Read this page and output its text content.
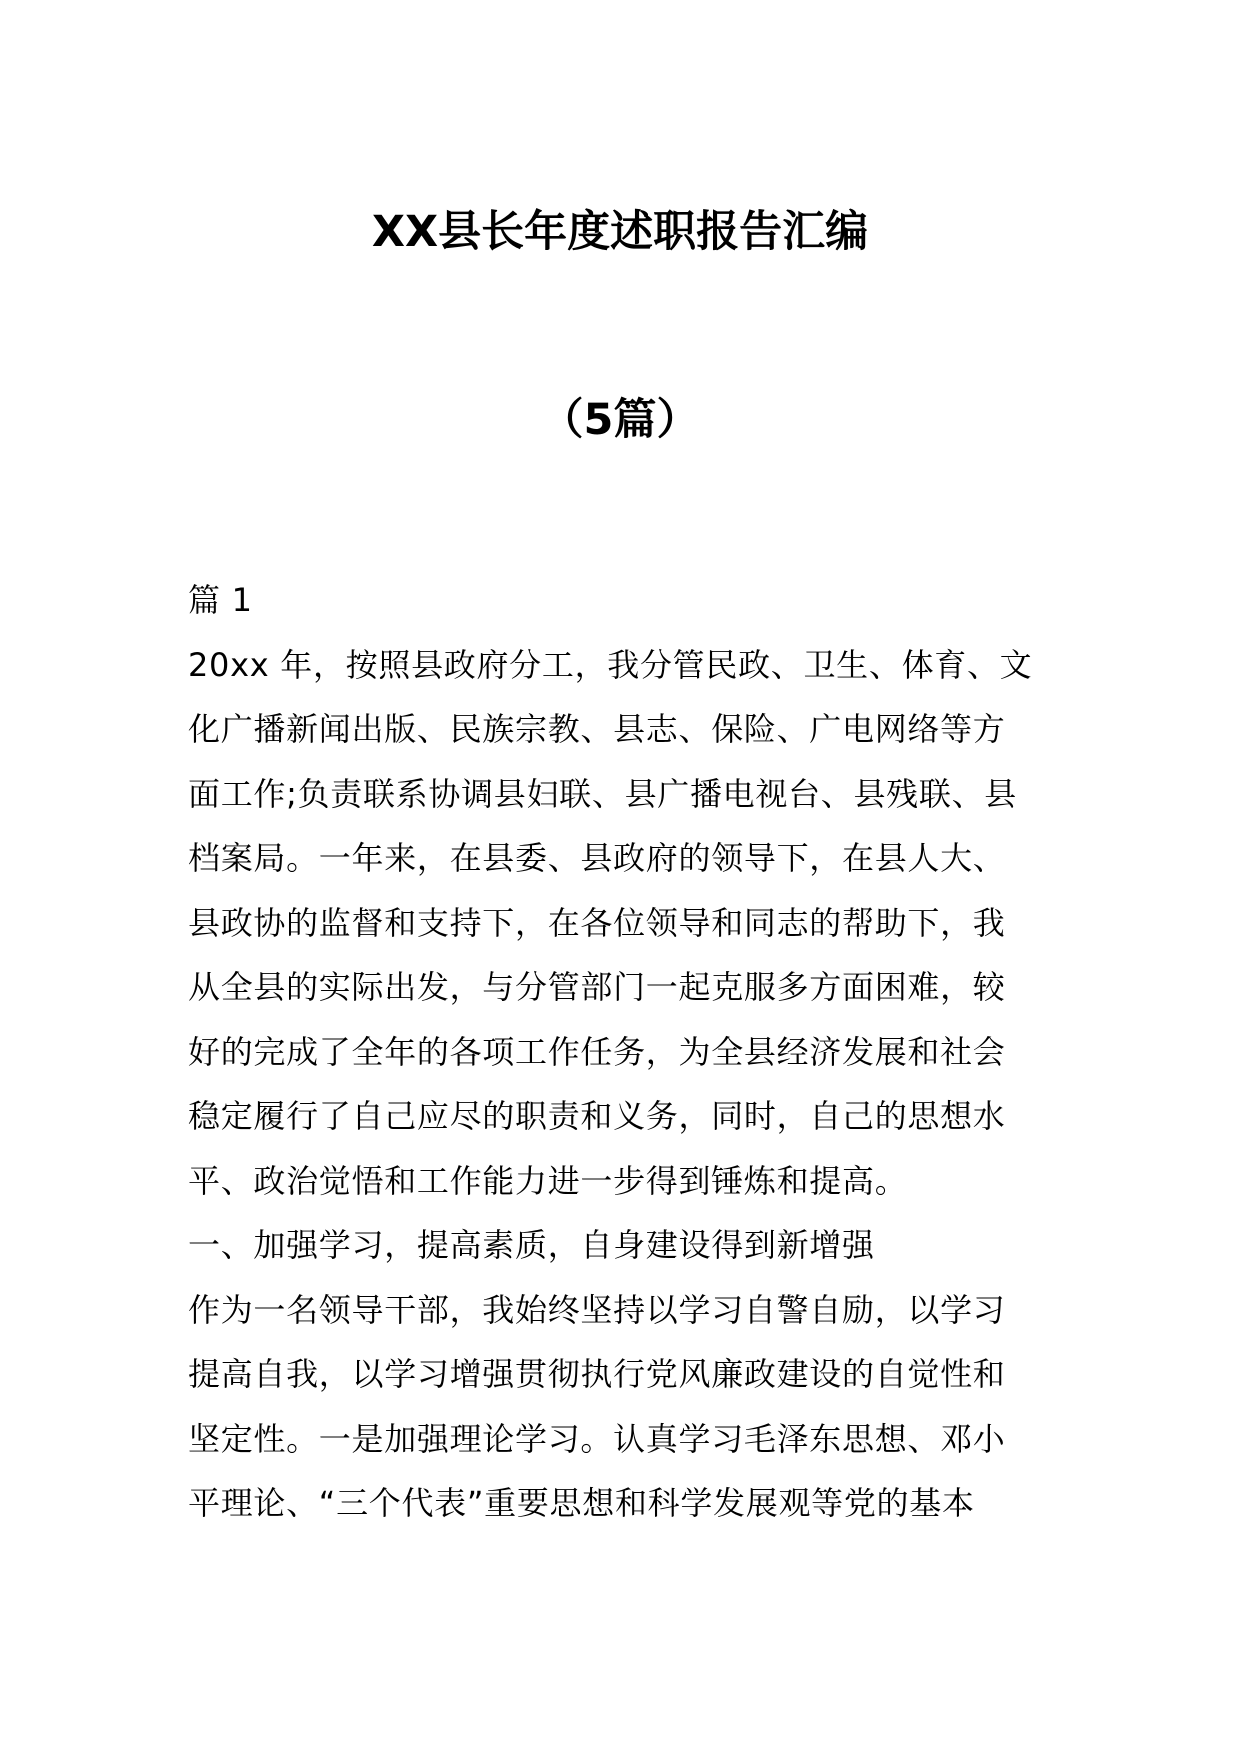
XX县长年度述职报告汇编
（5篇）

篇 1

20xx 年，按照县政府分工，我分管民政、卫生、体育、文
化广播新闻出版、民族宗教、县志、保险、广电网络等方
面工作;负责联系协调县妇联、县广播电视台、县残联、县
档案局。一年来，在县委、县政府的领导下，在县人大、
县政协的监督和支持下，在各位领导和同志的帮助下，我
从全县的实际出发，与分管部门一起克服多方面困难，较
好的完成了全年的各项工作任务，为全县经济发展和社会
稳定履行了自己应尽的职责和义务，同时，自己的思想水
平、政治觉悟和工作能力进一步得到锤炼和提高。
一、加强学习，提高素质，自身建设得到新增强
作为一名领导干部，我始终坚持以学习自警自励，以学习
提高自我，以学习增强贯彻执行党风廉政建设的自觉性和
坚定性。一是加强理论学习。认真学习毛泽东思想、邓小
平理论、“三个代表”重要思想和科学发展观等党的基本
